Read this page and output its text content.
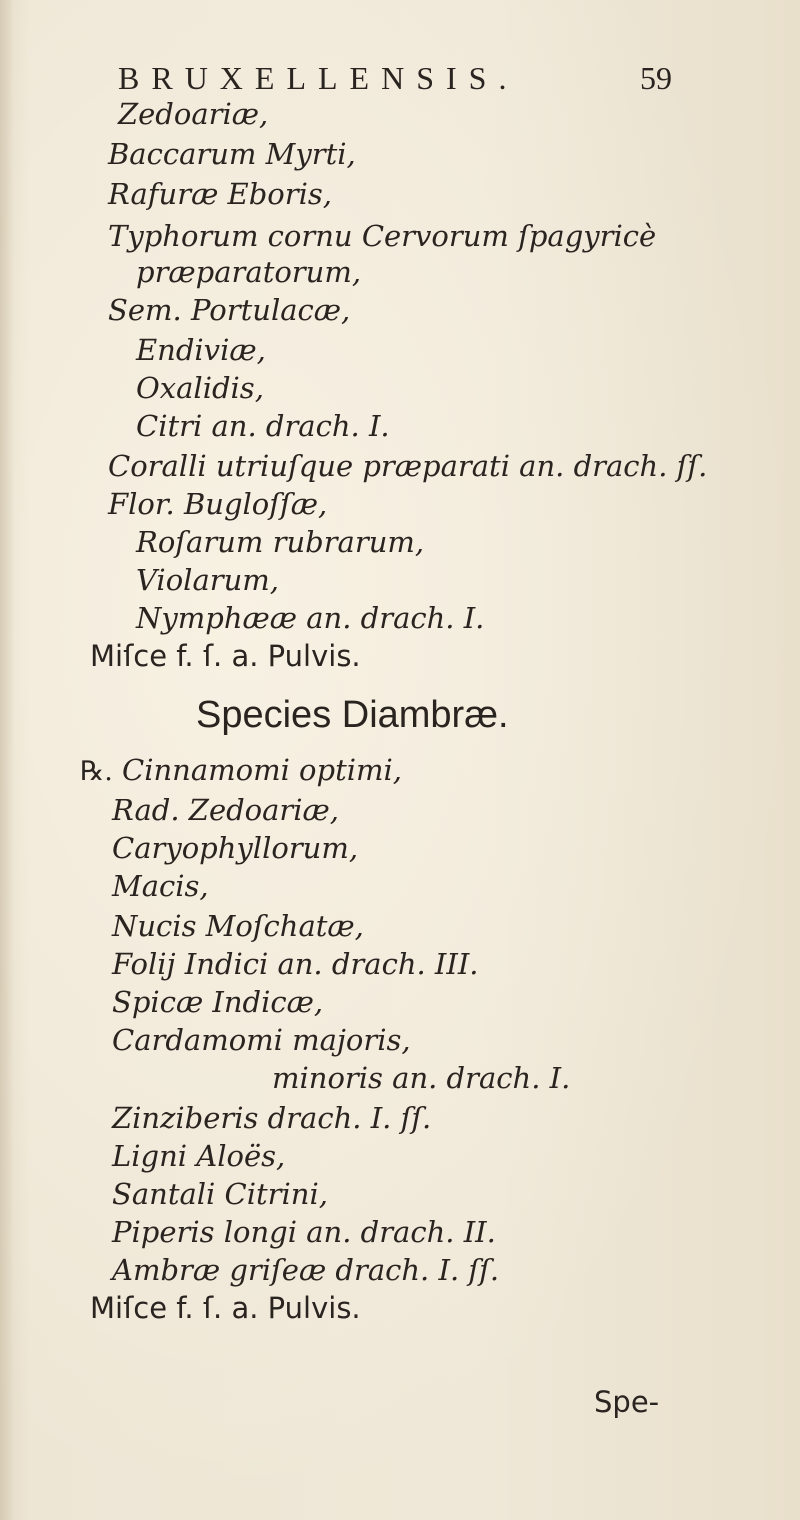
BRUXELLENSIS.	59
Zedoariæ,
Baccarum Myrti,
Rafuræ Eboris,
Typhorum cornu Cervorum ſpagyricè
præparatorum,
Sem. Portulacæ,
Endiviæ,
Oxalidis,
Citri an. drach. I.
Coralli utriuſque præparati an. drach. ſſ.
Flor. Bugloſſæ,
Roſarum rubrarum,
Violarum,
Nymphææ an. drach. I.
Miſce f. ſ. a. Pulvis.
Species Diambræ.
℞. Cinnamomi optimi,
Rad. Zedoariæ,
Caryophyllorum,
Macis,
Nucis Moſchatæ,
Folij Indici an. drach. III.
Spicæ Indicæ,
Cardamomi majoris,
minoris an. drach. I.
Zinziberis drach. I. ſſ.
Ligni Aloës,
Santali Citrini,
Piperis longi an. drach. II.
Ambræ griſeæ drach. I. ſſ.
Miſce f. ſ. a. Pulvis.
Spe-
